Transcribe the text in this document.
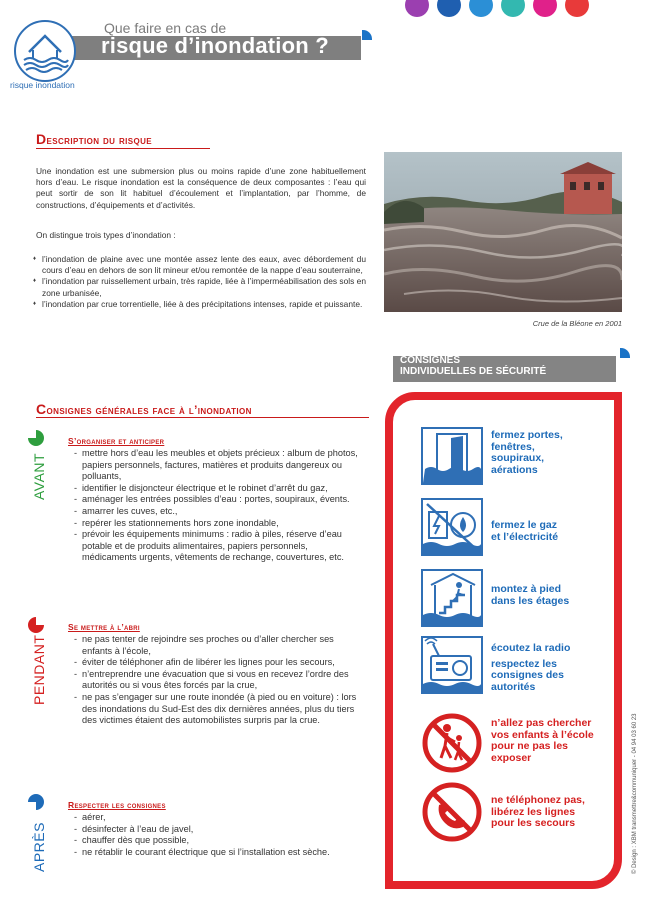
risque inondation
Que faire en cas de
risque d’inondation ?
Description du risque

Une inondation est une submersion plus ou moins rapide d’une zone habituellement hors d’eau. Le risque inondation est la conséquence de deux composantes : l’eau qui peut sortir de son lit habituel d’écoulement et l’implantation, par l’homme, de constructions, d’équipements et d’activités.

On distingue trois types d’inondation :

♦ l’inondation de plaine avec une montée assez lente des eaux, avec débordement du cours d’eau en dehors de son lit mineur et/ou remontée de la nappe d’eau souterraine,
♦ l’inondation par ruissellement urbain, très rapide, liée à l’imperméabilisation des sols en zone urbanisée,
♦ l’inondation par crue torrentielle, liée à des précipitations intenses, rapide et puissante.
Crue de la Bléone en 2001
CONSIGNES
INDIVIDUELLES DE SÉCURITÉ
fermez portes,
fenêtres,
soupiraux,
aérations
fermez le gaz
et l’électricité
montez à pied
dans les étages
écoutez la radio
respectez les
consignes des
autorités
n’allez pas chercher
vos enfants à l’école
pour ne pas les
exposer
ne téléphonez pas,
libérez les lignes
pour les secours
Consignes générales face à l’inondation
AVANT
S’organiser et anticiper
- mettre hors d’eau les meubles et objets précieux : album de photos, papiers personnels, factures, matières et produits dangereux ou polluants,
- identifier le disjoncteur électrique et le robinet d’arrêt du gaz,
- aménager les entrées possibles d’eau : portes, soupiraux, évents.
- amarrer les cuves, etc.,
- repérer les stationnements hors zone inondable,
- prévoir les équipements minimums : radio à piles, réserve d’eau potable et de produits alimentaires, papiers personnels, médicaments urgents, vêtements de rechange, couvertures, etc.
PENDANT
Se mettre à l’abri
- ne pas tenter de rejoindre ses proches ou d’aller chercher ses enfants à l’école,
- éviter de téléphoner afin de libérer les lignes pour les secours,
- n’entreprendre une évacuation que si vous en recevez l’ordre des autorités ou si vous êtes forcés par la crue,
- ne pas s’engager sur une route inondée (à pied ou en voiture) : lors des inondations du Sud-Est des dix dernières années, plus du tiers des victimes étaient des automobilistes surpris par la crue.
APRÈS
Respecter les consignes
- aérer,
- désinfecter à l’eau de javel,
- chauffer dès que possible,
- ne rétablir le courant électrique que si l’installation est sèche.	© Design : XBM transmettre&communiquer - 04 94 03 60 23
